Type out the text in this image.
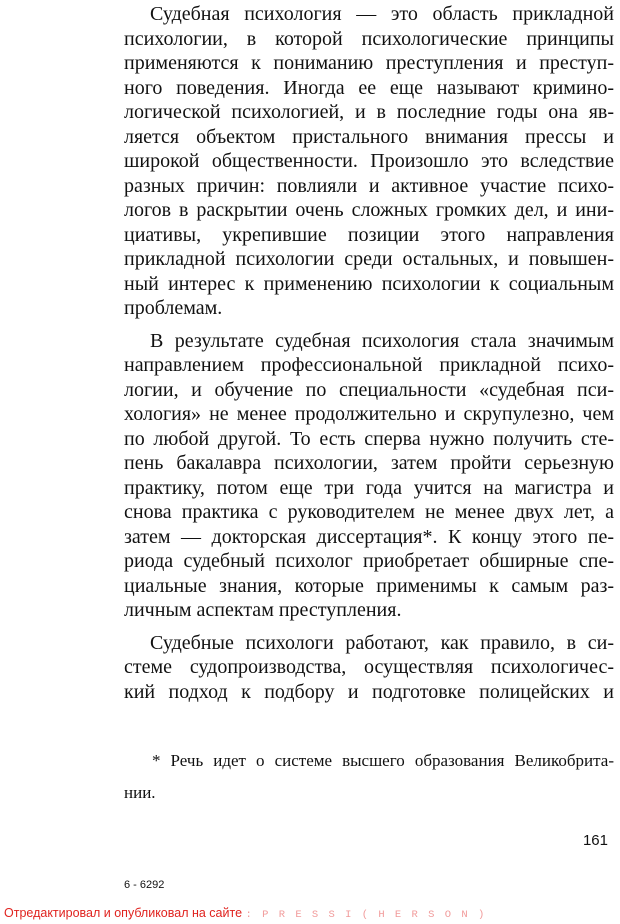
Судебная психология — это область прикладной
психологии, в которой психологические принципы
применяются к пониманию преступления и преступ-
ного поведения. Иногда ее еще называют кримино-
логической психологией, и в последние годы она яв-
ляется объектом пристального внимания прессы и
широкой общественности. Произошло это вследствие
разных причин: повлияли и активное участие психо-
логов в раскрытии очень сложных громких дел, и ини-
циативы, укрепившие позиции этого направления
прикладной психологии среди остальных, и повышен-
ный интерес к применению психологии к социальным
проблемам.
В результате судебная психология стала значимым
направлением профессиональной прикладной психо-
логии, и обучение по специальности «судебная пси-
хология» не менее продолжительно и скрупулезно, чем
по любой другой. То есть сперва нужно получить сте-
пень бакалавра психологии, затем пройти серьезную
практику, потом еще три года учится на магистра и
снова практика с руководителем не менее двух лет, а
затем — докторская диссертация*. К концу этого пе-
риода судебный психолог приобретает обширные спе-
циальные знания, которые применимы к самым раз-
личным аспектам преступления.
Судебные психологи работают, как правило, в си-
стеме судопроизводства, осуществляя психологичес-
кий подход к подбору и подготовке полицейских и
* Речь идет о системе высшего образования Великобрита-
нии.
161
6 - 6292
Отредактировал и опубликовал на сайте : P R E S S I ( H E R S O N )
